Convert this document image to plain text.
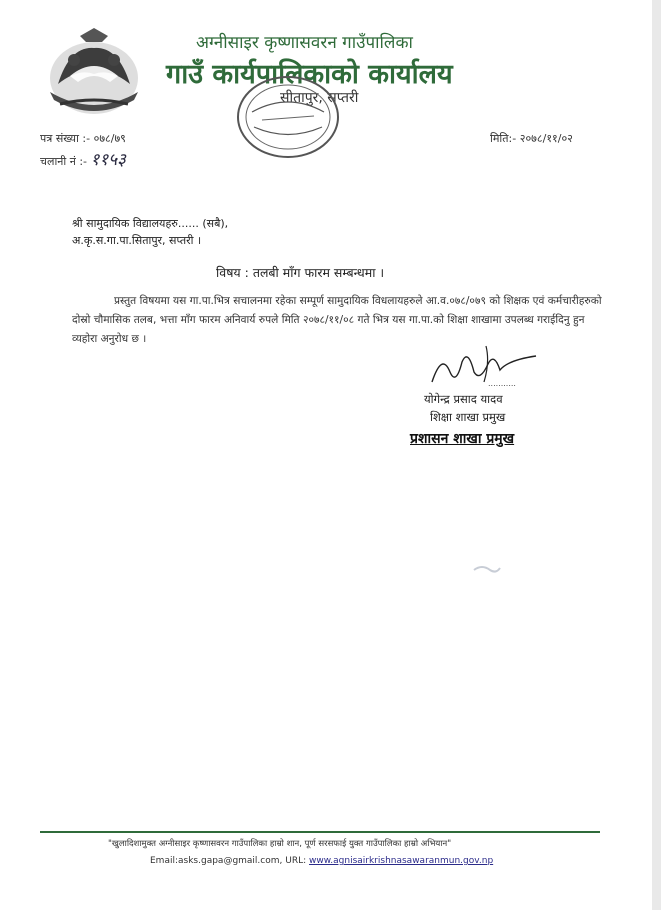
अग्नीसाइर कृष्णासवरन गाउँपालिका
गाउँ कार्यपालिकाको कार्यालय
सीतापुर, सप्तरी
पत्र संख्या :- ०७८/७९
चलानी नं :- ११५३
मिति:- २०७८/११/०२
श्री सामुदायिक विद्यालयहरु...... (सबै),
अ.कृ.स.गा.पा.सितापुर, सप्तरी ।
विषय : तलबी माँग फारम सम्बन्धमा ।

प्रस्तुत विषयमा यस गा.पा.भित्र सचालनमा रहेका सम्पूर्ण सामुदायिक विधलायहरुले आ.व.०७८/०७९ को शिक्षक एवं कर्मचारीहरुको दोस्रो चौमासिक तलब, भत्ता माँग फारम अनिवार्य रुपले मिति २०७८/११/०८ गते भित्र यस गा.पा.को शिक्षा शाखामा उपलब्ध गराईदिनु हुन व्यहोरा अनुरोध छ ।

...........
योगेन्द्र प्रसाद यादव
शिक्षा शाखा प्रमुख
प्रशासन शाखा प्रमुख
"खुलादिशामुक्त अग्नीसाइर कृष्णासवरन गाउँपालिका हाम्रो शान, पूर्ण सरसफाई युक्त गाउँपालिका हाम्रो अभियान"
Email:asks.gapa@gmail.com, URL: www.agnisairkrishnasawaranmun.gov.np
